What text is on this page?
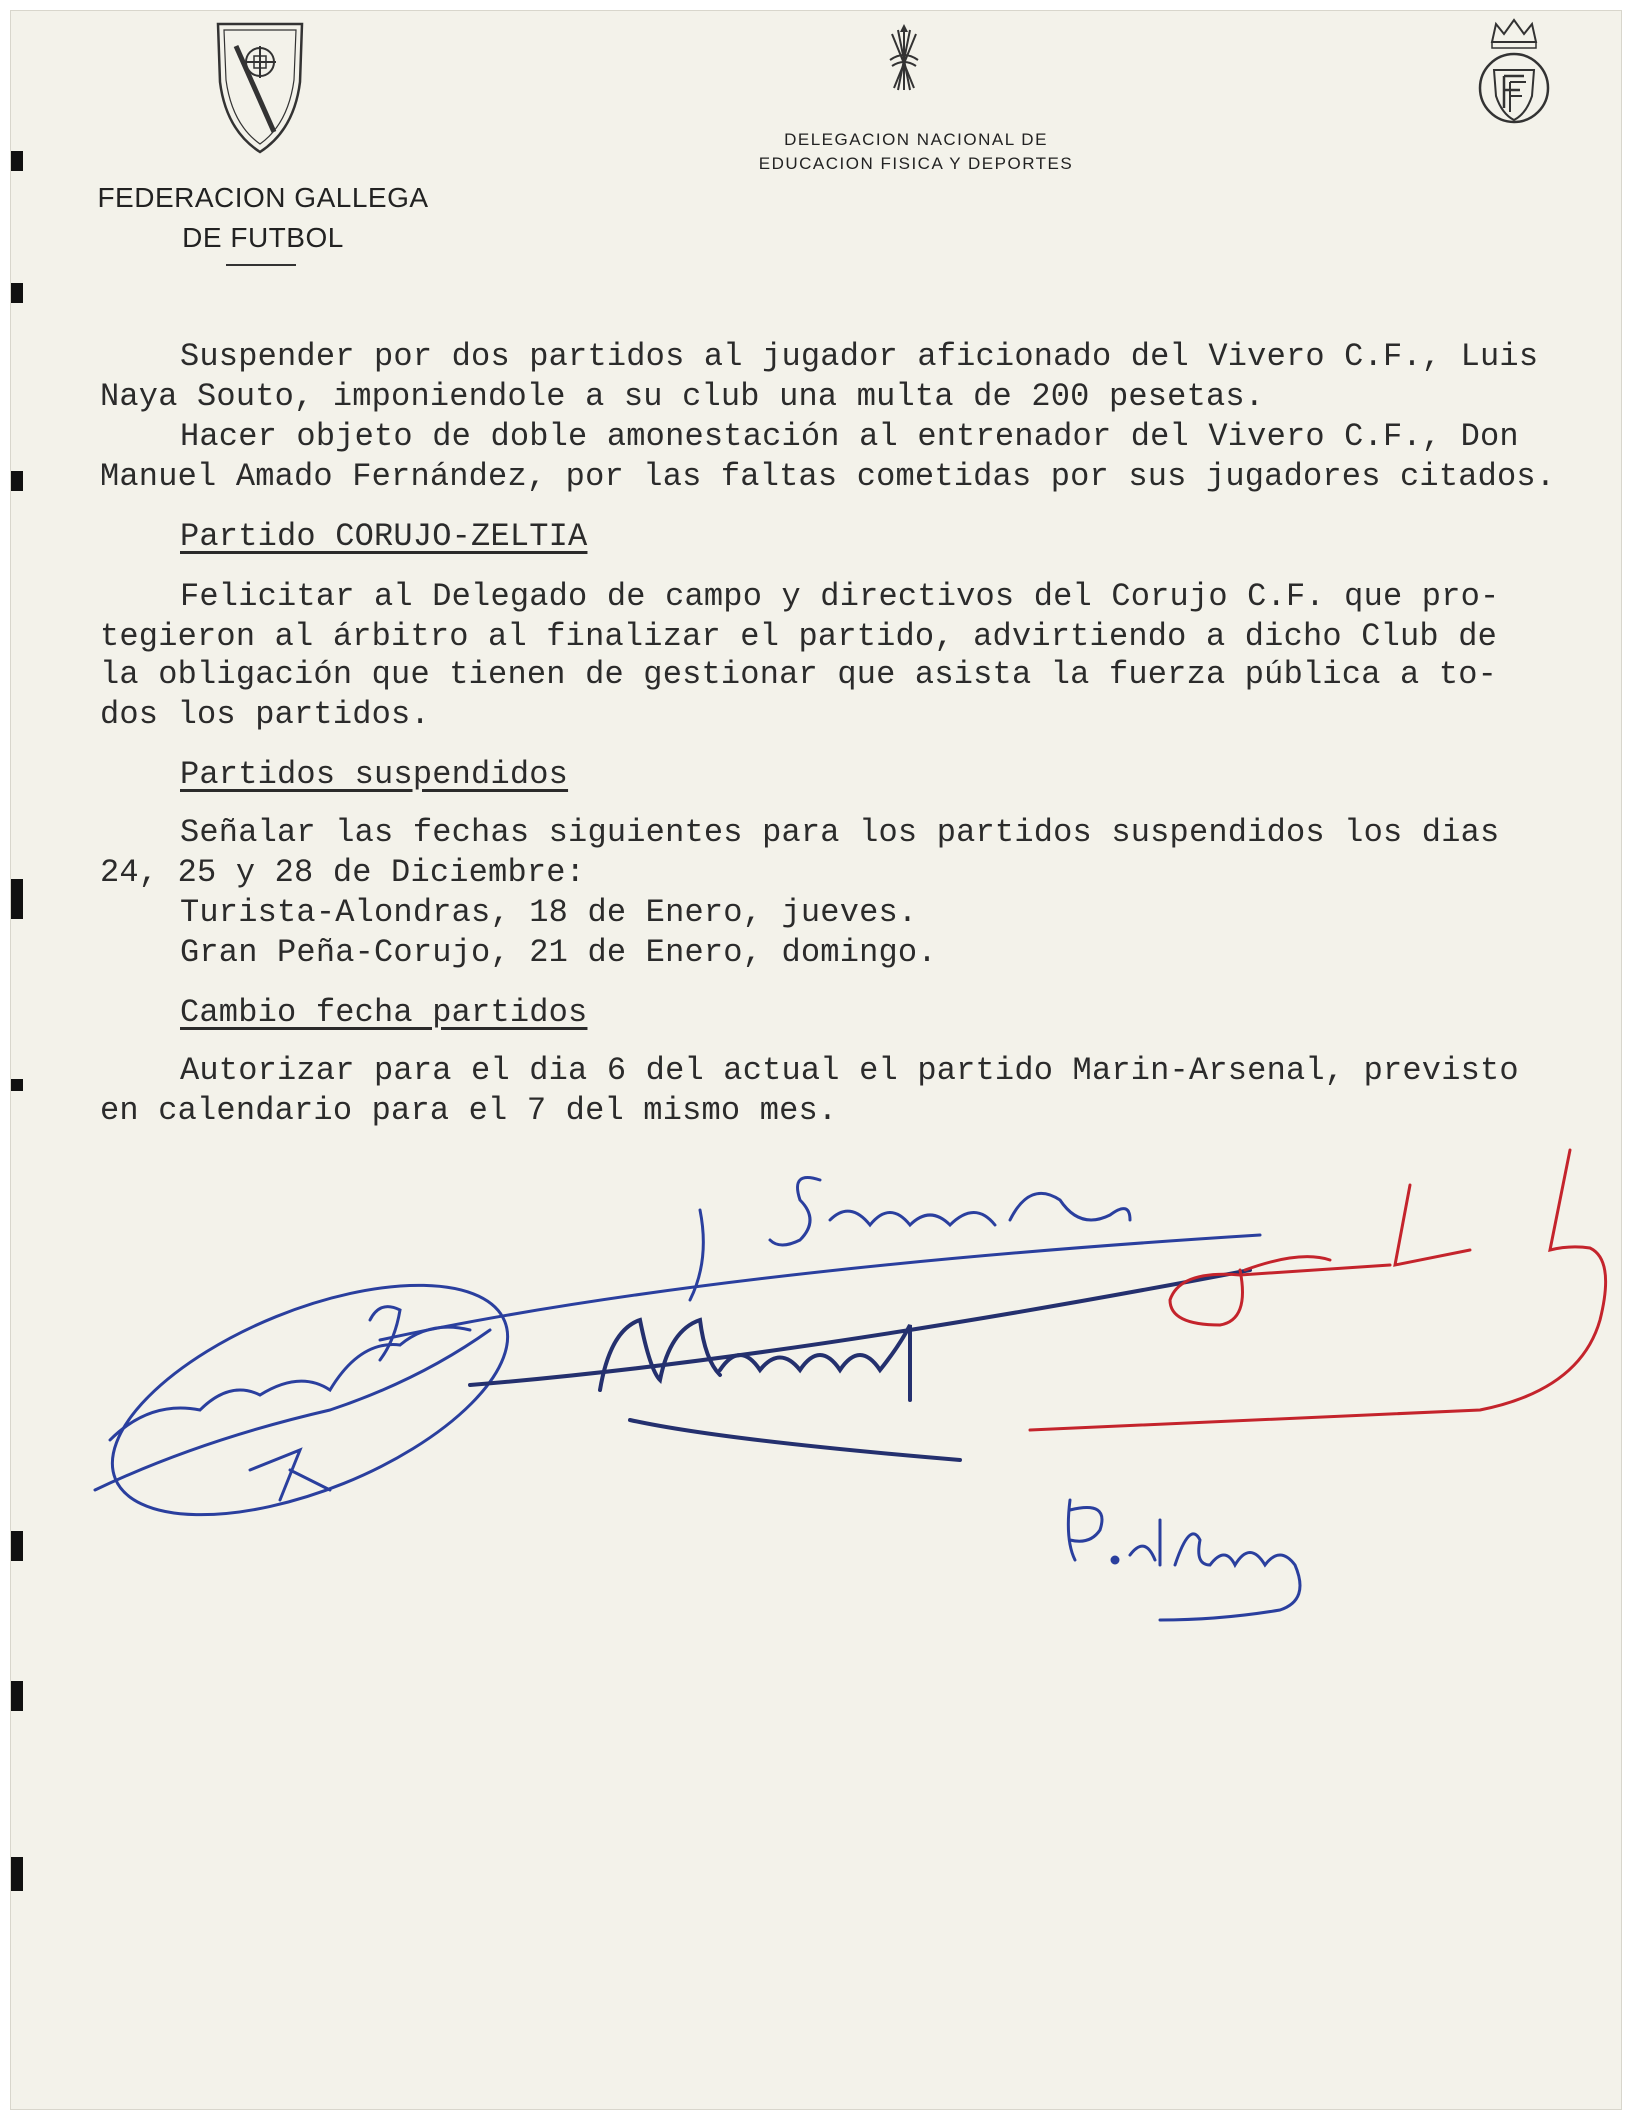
FEDERACION GALLEGA
DE FUTBOL
DELEGACION NACIONAL DE
EDUCACION FISICA Y DEPORTES
Suspender por dos partidos al jugador aficionado del Vivero C.F., Luis
Naya Souto, imponiendole a su club una multa de 200 pesetas.
Hacer objeto de doble amonestación al entrenador del Vivero C.F., Don
Manuel Amado Fernández, por las faltas cometidas por sus jugadores citados.
Partido CORUJO-ZELTIA
Felicitar al Delegado de campo y directivos del Corujo C.F. que pro-
tegieron al árbitro al finalizar el partido, advirtiendo a dicho Club de
la obligación que tienen de gestionar que asista la fuerza pública a to-
dos los partidos.
Partidos suspendidos
Señalar las fechas siguientes para los partidos suspendidos los dias
24, 25 y 28 de Diciembre:
Turista-Alondras, 18 de Enero, jueves.
Gran Peña-Corujo, 21 de Enero, domingo.
Cambio fecha partidos
Autorizar para el dia 6 del actual el partido Marin-Arsenal, previsto
en calendario para el 7 del mismo mes.
